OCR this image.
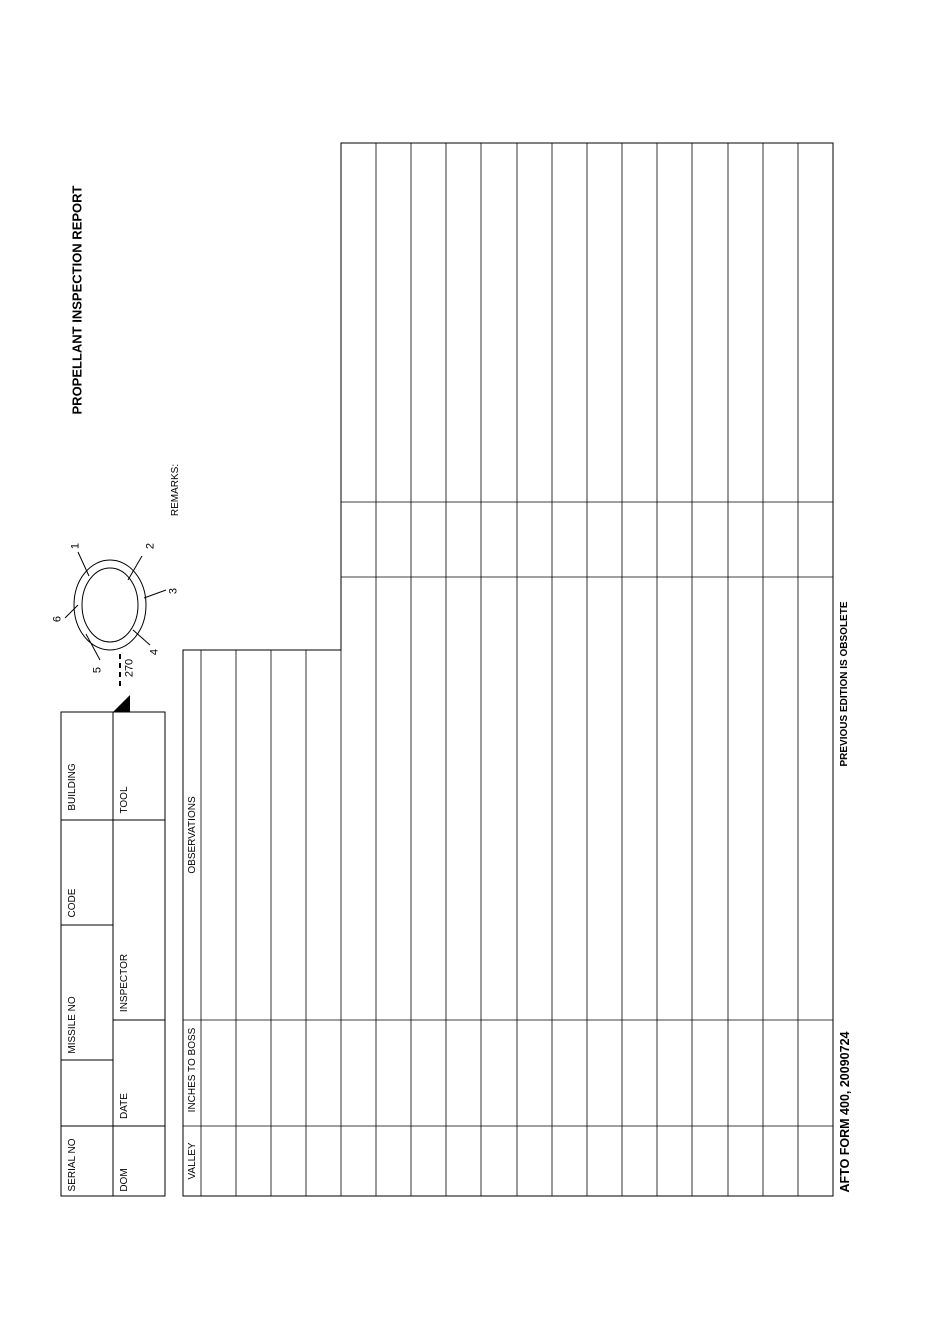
PROPELLANT INSPECTION REPORT
AFTO FORM 400, 20090724
PREVIOUS EDITION IS OBSOLETE
SERIAL NO
MISSILE NO
CODE
BUILDING
DOM
DATE
INSPECTOR
TOOL
1	2
3
4
5
6
270
VALLEY
INCHES TO BOSS
OBSERVATIONS
REMARKS:
